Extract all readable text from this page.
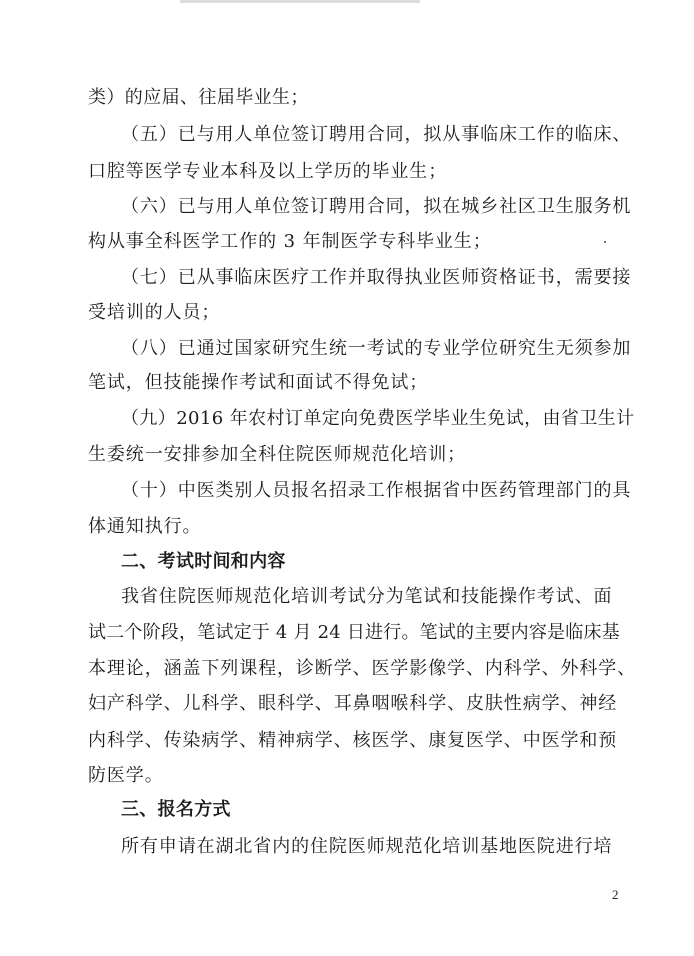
类）的应届、往届毕业生；
（五）已与用人单位签订聘用合同，拟从事临床工作的临床、
口腔等医学专业本科及以上学历的毕业生；
（六）已与用人单位签订聘用合同，拟在城乡社区卫生服务机
构从事全科医学工作的 3 年制医学专科毕业生；
（七）已从事临床医疗工作并取得执业医师资格证书，需要接
受培训的人员；
（八）已通过国家研究生统一考试的专业学位研究生无须参加
笔试，但技能操作考试和面试不得免试；
（九）2016 年农村订单定向免费医学毕业生免试，由省卫生计
生委统一安排参加全科住院医师规范化培训；
（十）中医类别人员报名招录工作根据省中医药管理部门的具
体通知执行。
二、考试时间和内容
我省住院医师规范化培训考试分为笔试和技能操作考试、面
试二个阶段，笔试定于 4 月 24 日进行。笔试的主要内容是临床基
本理论，涵盖下列课程，诊断学、医学影像学、内科学、外科学、
妇产科学、儿科学、眼科学、耳鼻咽喉科学、皮肤性病学、神经
内科学、传染病学、精神病学、核医学、康复医学、中医学和预
防医学。
三、报名方式
所有申请在湖北省内的住院医师规范化培训基地医院进行培
2
